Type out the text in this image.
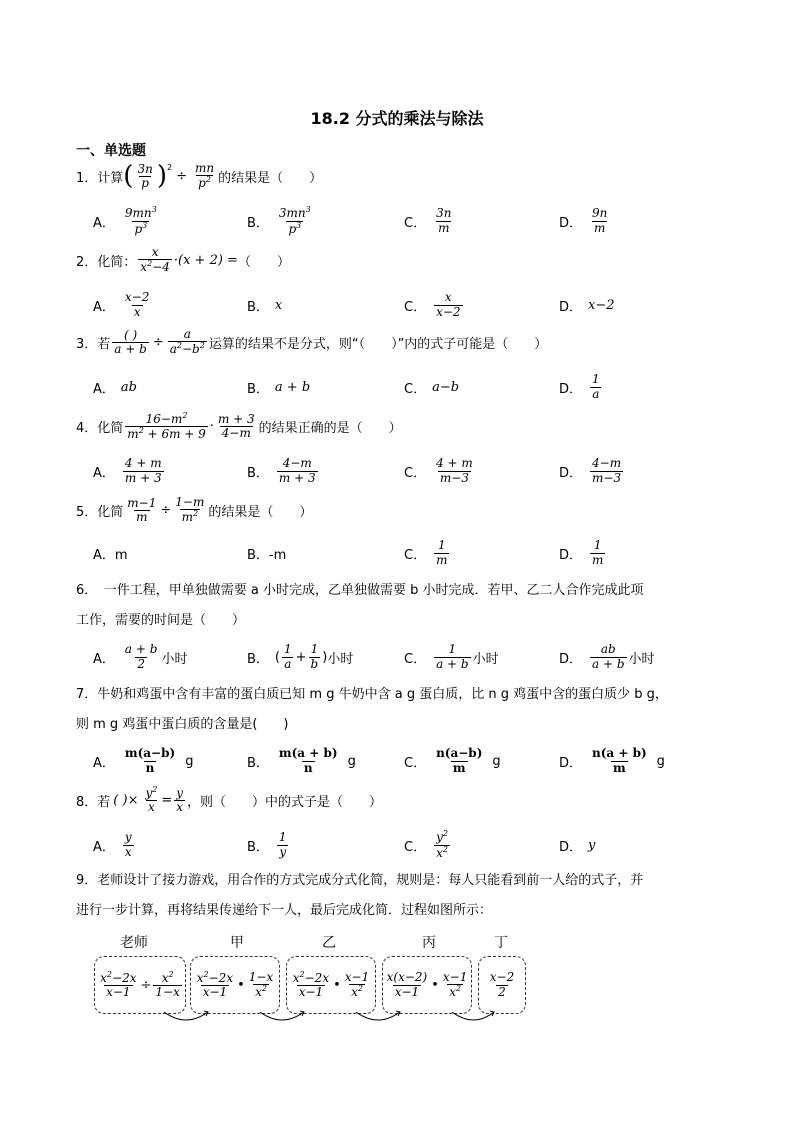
18.2 分式的乘法与除法
一、单选题
1． 计算 ( $\frac{3n}{p} )^2$
÷ $\frac{mn}{p^2}$ 的结果是（　　）
A． $\frac{9mn^3}{p^3}$	B． $\frac{3mn^3}{p^3}$	C． $\frac{3n}{m}$	D． $\frac{9n}{m}$
2． 化简： $\frac{x}{x^2-4} \cdot(x + 2)$ = （　　）
A． $\frac{x-2}{x}$	B． x	C． $\frac{x}{x-2}$	D． x−2
3． 若 $\frac{( )}{a + b} \div \frac{a}{a^2-b^2}$ 运算的结果不是分式，则“（　　）”内的式子可能是（　　）
A． ab	B． a + b	C． a−b	D． $\frac{1}{a}$
4． 化简 $\frac{16-m^2}{m^2 + 6m + 9} \cdot \frac{m + 3}{4-m}$ 的结果正确的是（　　）
A． $\frac{4 + m}{m + 3}$	B． $\frac{4-m}{m + 3}$	C． $\frac{4 + m}{m-3}$	D． $\frac{4-m}{m-3}$
5． 化简 $\frac{m-1}{m} \div \frac{1-m}{m^2}$ 的结果是（　　）
A．m	B．-m	C． $\frac{1}{m}$	D． $\frac{1}{m}$
6．　一件工程，甲单独做需要 a 小时完成，乙单独做需要 b 小时完成．若甲、乙二人合作完成此项
工作，需要的时间是（　　）
A． $\frac{a + b}{2}$ 小时	B． ( $\frac{1}{a} + \frac{1}{b}$ ) 小时	C． $\frac{1}{a + b}$ 小时	D． $\frac{ab}{a + b}$ 小时
7．牛奶和鸡蛋中含有丰富的蛋白质已知 m g 牛奶中含 a g 蛋白质，比 n g 鸡蛋中含的蛋白质少 b g，
则 m g 鸡蛋中蛋白质的含量是(　　)
A． $\frac{m(a-b)}{n}$ g	B． $\frac{m(a + b)}{n}$ g	C． $\frac{n(a-b)}{m}$ g	D． $\frac{n(a + b)}{m}$ g
8． 若 ( )× $\frac{y^2}{x} = \frac{y}{x}$ ，则（　　）中的式子是（　　）
A． $\frac{y}{x}$	B． $\frac{1}{y}$	C． $\frac{y^2}{x^2}$	D． y
9．老师设计了接力游戏，用合作的方式完成分式化简，规则是：每人只能看到前一人给的式子，并
进行一步计算，再将结果传递给下一人，最后完成化简．过程如图所示：
老师	甲	乙	丙	丁
$\frac{x^2-2x}{x-1} \div \frac{x^2}{1-x} \frac{x^2-2x}{x-1}$ • $\frac{1-x}{x^2} \frac{x^2-2x}{x-1}$ • $\frac{x-1}{x^2} \frac{x(x-2)}{x-1}$ • $\frac{x-1}{x^2} \frac{x-2}{2}$
